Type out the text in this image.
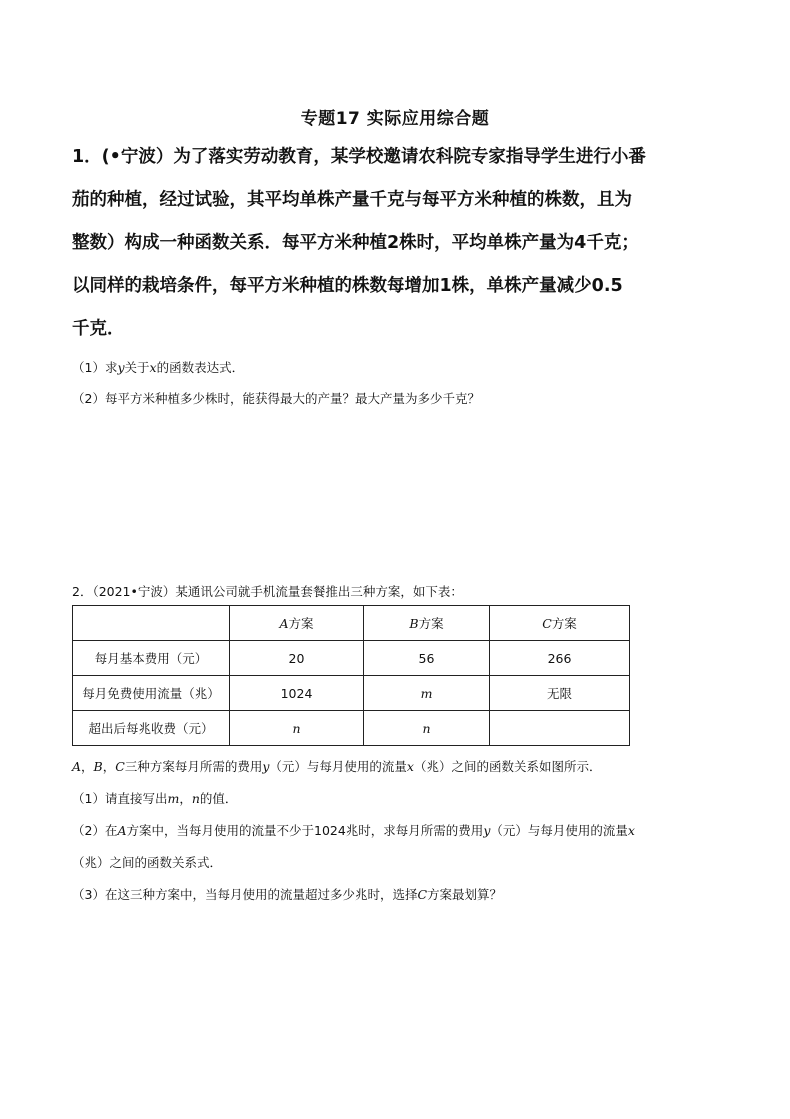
专题17 实际应用综合题
1．(•宁波）为了落实劳动教育，某学校邀请农科院专家指导学生进行小番
茄的种植，经过试验，其平均单株产量千克与每平方米种植的株数，且为
整数）构成一种函数关系．每平方米种植2株时，平均单株产量为4千克；
以同样的栽培条件，每平方米种植的株数每增加1株，单株产量减少0.5
千克．
（1）求y关于x的函数表达式．
（2）每平方米种植多少株时，能获得最大的产量？最大产量为多少千克？
2．（2021•宁波）某通讯公司就手机流量套餐推出三种方案，如下表：
	A方案	B方案	C方案
每月基本费用（元）	20	56	266
每月免费使用流量（兆）	1024	m	无限
超出后每兆收费（元）	n	n	
A，B，C三种方案每月所需的费用y（元）与每月使用的流量x（兆）之间的函数关系如图所示．
（1）请直接写出m，n的值．
（2）在A方案中，当每月使用的流量不少于1024兆时，求每月所需的费用y（元）与每月使用的流量x
（兆）之间的函数关系式．
（3）在这三种方案中，当每月使用的流量超过多少兆时，选择C方案最划算？
